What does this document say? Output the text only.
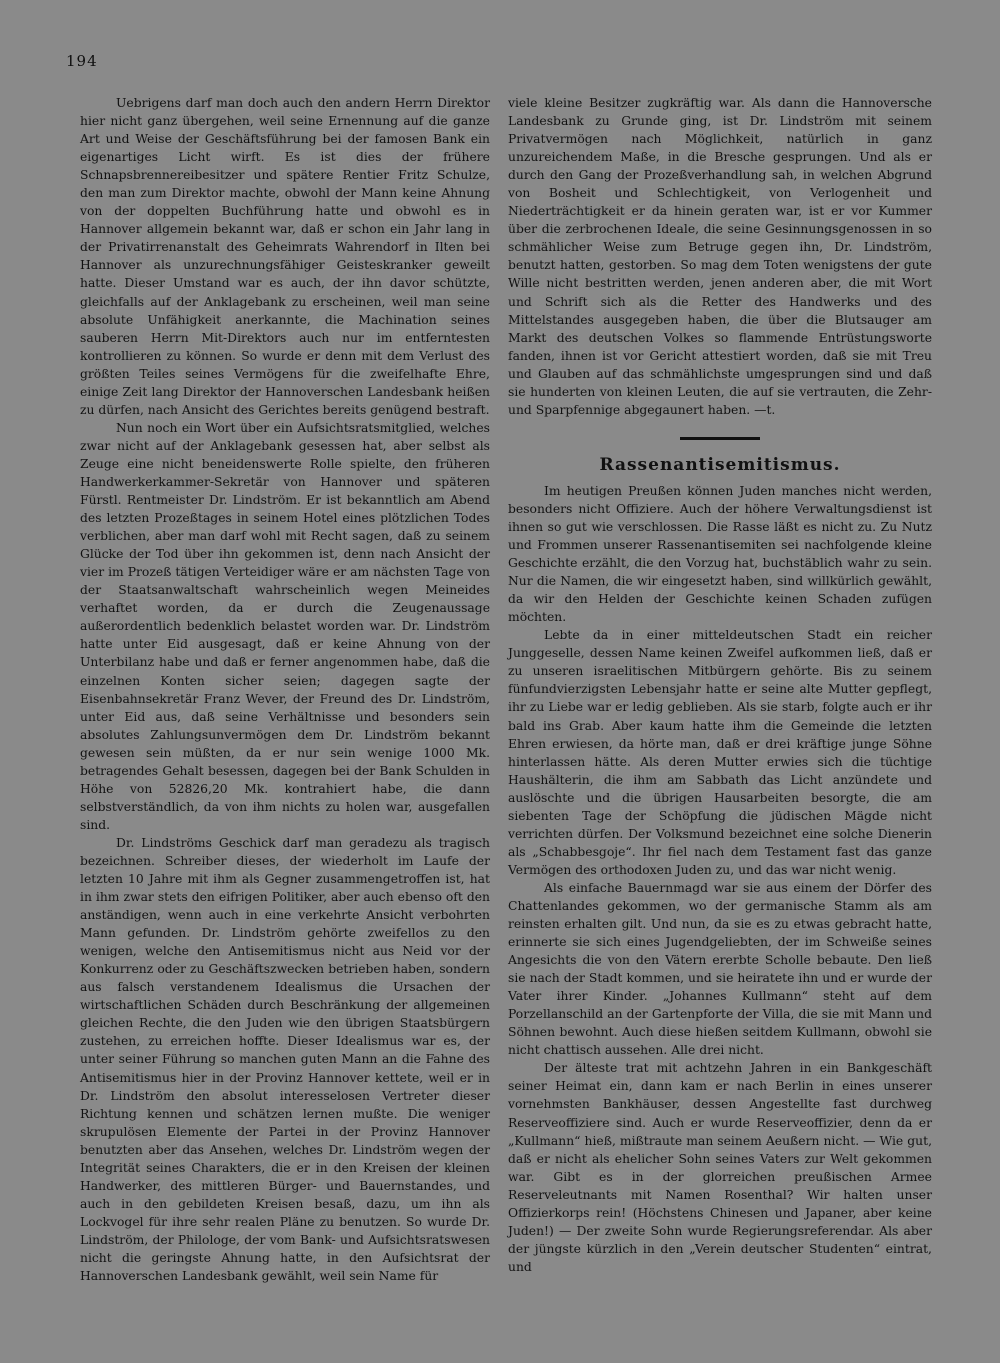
194

Uebrigens darf man doch auch den andern Herrn Direktor hier nicht ganz übergehen, weil seine Ernennung auf die ganze Art und Weise der Geschäftsführung bei der famosen Bank ein eigenartiges Licht wirft. Es ist dies der frühere Schnapsbrennereibesitzer und spätere Rentier Fritz Schulze, den man zum Direktor machte, obwohl der Mann keine Ahnung von der doppelten Buchführung hatte und obwohl es in Hannover allgemein bekannt war, daß er schon ein Jahr lang in der Privatirrenanstalt des Geheimrats Wahrendorf in Ilten bei Hannover als unzurechnungsfähiger Geisteskranker geweilt hatte. Dieser Umstand war es auch, der ihn davor schützte, gleichfalls auf der Anklagebank zu erscheinen, weil man seine absolute Unfähigkeit anerkannte, die Machination seines sauberen Herrn Mit-Direktors auch nur im entferntesten kontrollieren zu können. So wurde er denn mit dem Verlust des größten Teiles seines Vermögens für die zweifelhafte Ehre, einige Zeit lang Direktor der Hannoverschen Landesbank heißen zu dürfen, nach Ansicht des Gerichtes bereits genügend bestraft.

Nun noch ein Wort über ein Aufsichtsratsmitglied, welches zwar nicht auf der Anklagebank gesessen hat, aber selbst als Zeuge eine nicht beneidenswerte Rolle spielte, den früheren Handwerkerkammer-Sekretär von Hannover und späteren Fürstl. Rentmeister Dr. Lindström. Er ist bekanntlich am Abend des letzten Prozeßtages in seinem Hotel eines plötzlichen Todes verblichen, aber man darf wohl mit Recht sagen, daß zu seinem Glücke der Tod über ihn gekommen ist, denn nach Ansicht der vier im Prozeß tätigen Verteidiger wäre er am nächsten Tage von der Staatsanwaltschaft wahrscheinlich wegen Meineides verhaftet worden, da er durch die Zeugenaussage außerordentlich bedenklich belastet worden war. Dr. Lindström hatte unter Eid ausgesagt, daß er keine Ahnung von der Unterbilanz habe und daß er ferner angenommen habe, daß die einzelnen Konten sicher seien; dagegen sagte der Eisenbahnsekretär Franz Wever, der Freund des Dr. Lindström, unter Eid aus, daß seine Verhältnisse und besonders sein absolutes Zahlungsunvermögen dem Dr. Lindström bekannt gewesen sein müßten, da er nur sein wenige 1000 Mk. betragendes Gehalt besessen, dagegen bei der Bank Schulden in Höhe von 52826,20 Mk. kontrahiert habe, die dann selbstverständlich, da von ihm nichts zu holen war, ausgefallen sind.

Dr. Lindströms Geschick darf man geradezu als tragisch bezeichnen. Schreiber dieses, der wiederholt im Laufe der letzten 10 Jahre mit ihm als Gegner zusammengetroffen ist, hat in ihm zwar stets den eifrigen Politiker, aber auch ebenso oft den anständigen, wenn auch in eine verkehrte Ansicht verbohrten Mann gefunden. Dr. Lindström gehörte zweifellos zu den wenigen, welche den Antisemitismus nicht aus Neid vor der Konkurrenz oder zu Geschäftszwecken betrieben haben, sondern aus falsch verstandenem Idealismus die Ursachen der wirtschaftlichen Schäden durch Beschränkung der allgemeinen gleichen Rechte, die den Juden wie den übrigen Staatsbürgern zustehen, zu erreichen hoffte. Dieser Idealismus war es, der unter seiner Führung so manchen guten Mann an die Fahne des Antisemitismus hier in der Provinz Hannover kettete, weil er in Dr. Lindström den absolut interesselosen Vertreter dieser Richtung kennen und schätzen lernen mußte. Die weniger skrupulösen Elemente der Partei in der Provinz Hannover benutzten aber das Ansehen, welches Dr. Lindström wegen der Integrität seines Charakters, die er in den Kreisen der kleinen Handwerker, des mittleren Bürger- und Bauernstandes, und auch in den gebildeten Kreisen besaß, dazu, um ihn als Lockvogel für ihre sehr realen Pläne zu benutzen. So wurde Dr. Lindström, der Philologe, der vom Bank- und Aufsichtsratswesen nicht die geringste Ahnung hatte, in den Aufsichtsrat der Hannoverschen Landesbank gewählt, weil sein Name für

viele kleine Besitzer zugkräftig war. Als dann die Hannoversche Landesbank zu Grunde ging, ist Dr. Lindström mit seinem Privatvermögen nach Möglichkeit, natürlich in ganz unzureichendem Maße, in die Bresche gesprungen. Und als er durch den Gang der Prozeßverhandlung sah, in welchen Abgrund von Bosheit und Schlechtigkeit, von Verlogenheit und Niederträchtigkeit er da hinein geraten war, ist er vor Kummer über die zerbrochenen Ideale, die seine Gesinnungsgenossen in so schmählicher Weise zum Betruge gegen ihn, Dr. Lindström, benutzt hatten, gestorben. So mag dem Toten wenigstens der gute Wille nicht bestritten werden, jenen anderen aber, die mit Wort und Schrift sich als die Retter des Handwerks und des Mittelstandes ausgegeben haben, die über die Blutsauger am Markt des deutschen Volkes so flammende Entrüstungsworte fanden, ihnen ist vor Gericht attestiert worden, daß sie mit Treu und Glauben auf das schmählichste umgesprungen sind und daß sie hunderten von kleinen Leuten, die auf sie vertrauten, die Zehr- und Sparpfennige abgegaunert haben. —t.

Rassenantisemitismus.

Im heutigen Preußen können Juden manches nicht werden, besonders nicht Offiziere. Auch der höhere Verwaltungsdienst ist ihnen so gut wie verschlossen. Die Rasse läßt es nicht zu. Zu Nutz und Frommen unserer Rassenantisemiten sei nachfolgende kleine Geschichte erzählt, die den Vorzug hat, buchstäblich wahr zu sein. Nur die Namen, die wir eingesetzt haben, sind willkürlich gewählt, da wir den Helden der Geschichte keinen Schaden zufügen möchten.

Lebte da in einer mitteldeutschen Stadt ein reicher Junggeselle, dessen Name keinen Zweifel aufkommen ließ, daß er zu unseren israelitischen Mitbürgern gehörte. Bis zu seinem fünfundvierzigsten Lebensjahr hatte er seine alte Mutter gepflegt, ihr zu Liebe war er ledig geblieben. Als sie starb, folgte auch er ihr bald ins Grab. Aber kaum hatte ihm die Gemeinde die letzten Ehren erwiesen, da hörte man, daß er drei kräftige junge Söhne hinterlassen hätte. Als deren Mutter erwies sich die tüchtige Haushälterin, die ihm am Sabbath das Licht anzündete und auslöschte und die übrigen Hausarbeiten besorgte, die am siebenten Tage der Schöpfung die jüdischen Mägde nicht verrichten dürfen. Der Volksmund bezeichnet eine solche Dienerin als „Schabbesgoje“. Ihr fiel nach dem Testament fast das ganze Vermögen des orthodoxen Juden zu, und das war nicht wenig.

Als einfache Bauernmagd war sie aus einem der Dörfer des Chattenlandes gekommen, wo der germanische Stamm als am reinsten erhalten gilt. Und nun, da sie es zu etwas gebracht hatte, erinnerte sie sich eines Jugendgeliebten, der im Schweiße seines Angesichts die von den Vätern ererbte Scholle bebaute. Den ließ sie nach der Stadt kommen, und sie heiratete ihn und er wurde der Vater ihrer Kinder. „Johannes Kullmann“ steht auf dem Porzellanschild an der Gartenpforte der Villa, die sie mit Mann und Söhnen bewohnt. Auch diese hießen seitdem Kullmann, obwohl sie nicht chattisch aussehen. Alle drei nicht.

Der älteste trat mit achtzehn Jahren in ein Bankgeschäft seiner Heimat ein, dann kam er nach Berlin in eines unserer vornehmsten Bankhäuser, dessen Angestellte fast durchweg Reserveoffiziere sind. Auch er wurde Reserveoffizier, denn da er „Kullmann“ hieß, mißtraute man seinem Aeußern nicht. — Wie gut, daß er nicht als ehelicher Sohn seines Vaters zur Welt gekommen war. Gibt es in der glorreichen preußischen Armee Reserveleutnants mit Namen Rosenthal? Wir halten unser Offizierkorps rein! (Höchstens Chinesen und Japaner, aber keine Juden!) — Der zweite Sohn wurde Regierungsreferendar. Als aber der jüngste kürzlich in den „Verein deutscher Studenten“ eintrat, und
